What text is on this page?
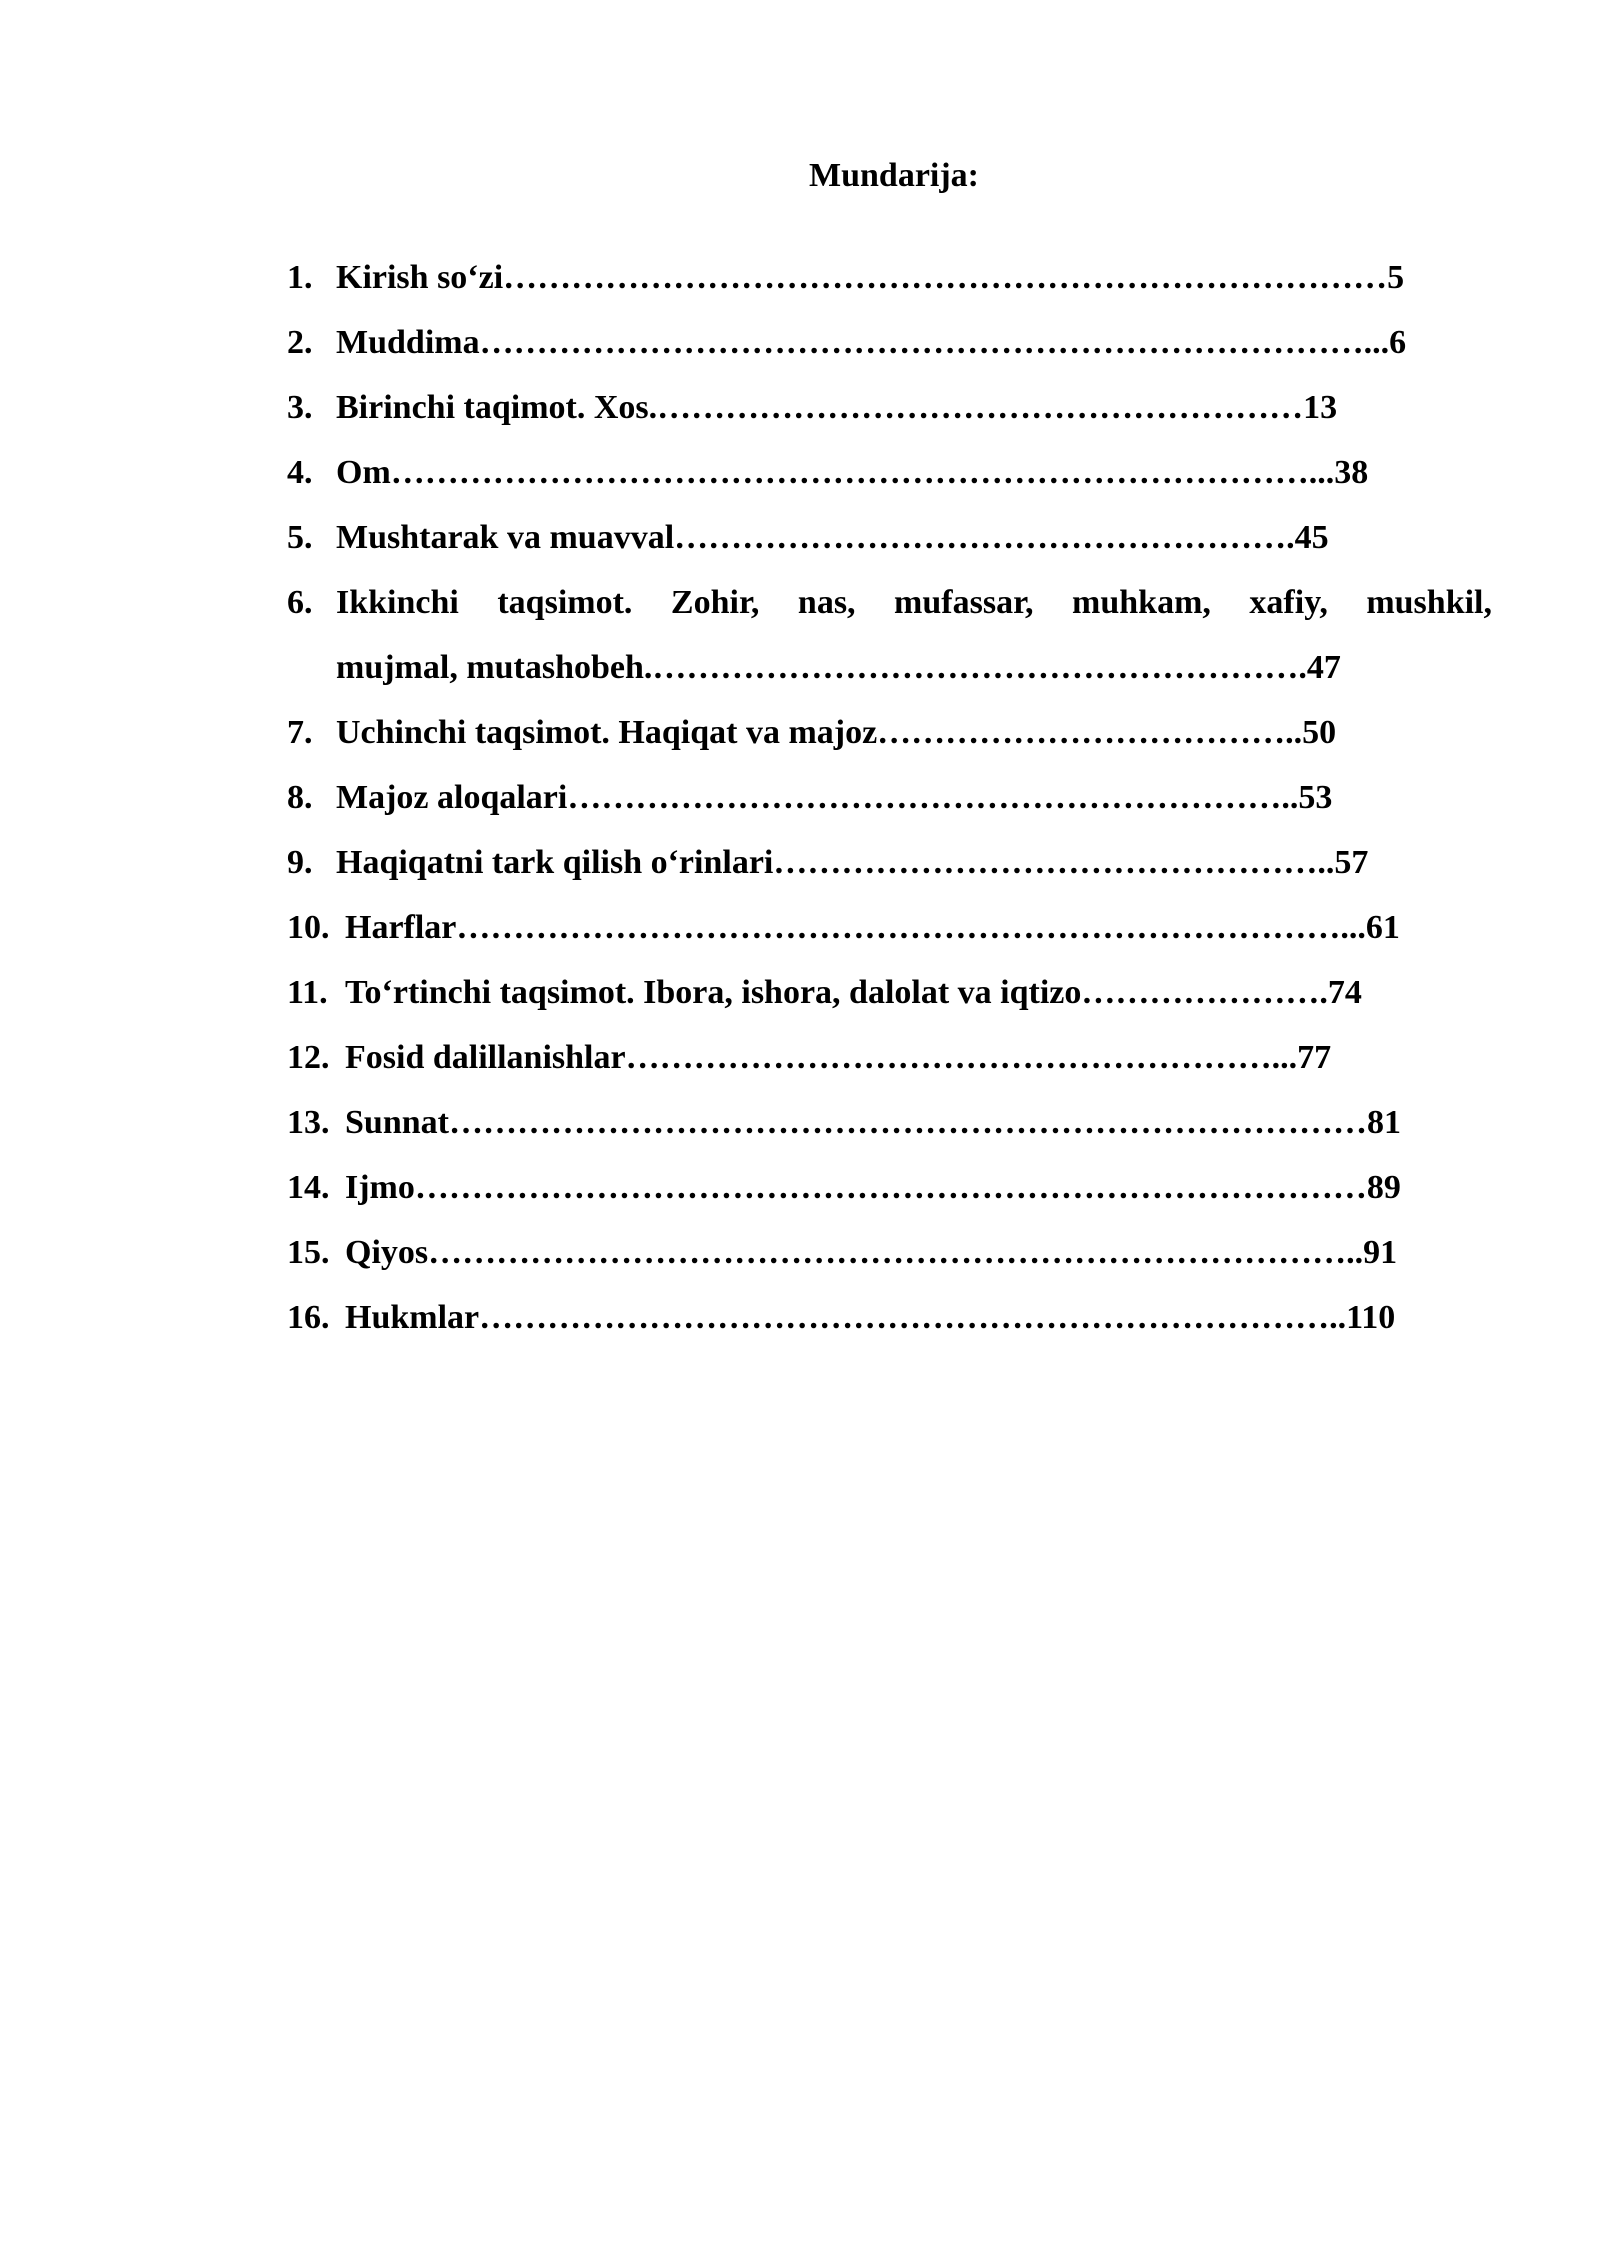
Mundarija:
1. Kirish so‘zi……………………………………………………………………5
2. Muddima……………………………………………………………………...6
3. Birinchi taqimot. Xos.…………………………………………………13
4. Om………………………………………………………………………...38
5. Mushtarak va muavval……………………………………………….45
6. Ikkinchi taqsimot. Zohir, nas, mufassar, muhkam, xafiy, mushkil,
mujmal, mutashobeh.………………………………………………….47
7. Uchinchi taqsimot. Haqiqat va majoz………………………………..50
8. Majoz aloqalari………………………………………………………..53
9. Haqiqatni tark qilish o‘rinlari…………………………………………..57
10. Harflar……………………………………………………………………...61
11. To‘rtinchi taqsimot. Ibora, ishora, dalolat va iqtizo………………….74
12. Fosid dalillanishlar…………………………………………………...77
13. Sunnat………………………………………………………………………81
14. Ijmo…………………………………………………………………………89
15. Qiyos………………………………………………………………………..91
16. Hukmlar…………………………………………………………………..110
